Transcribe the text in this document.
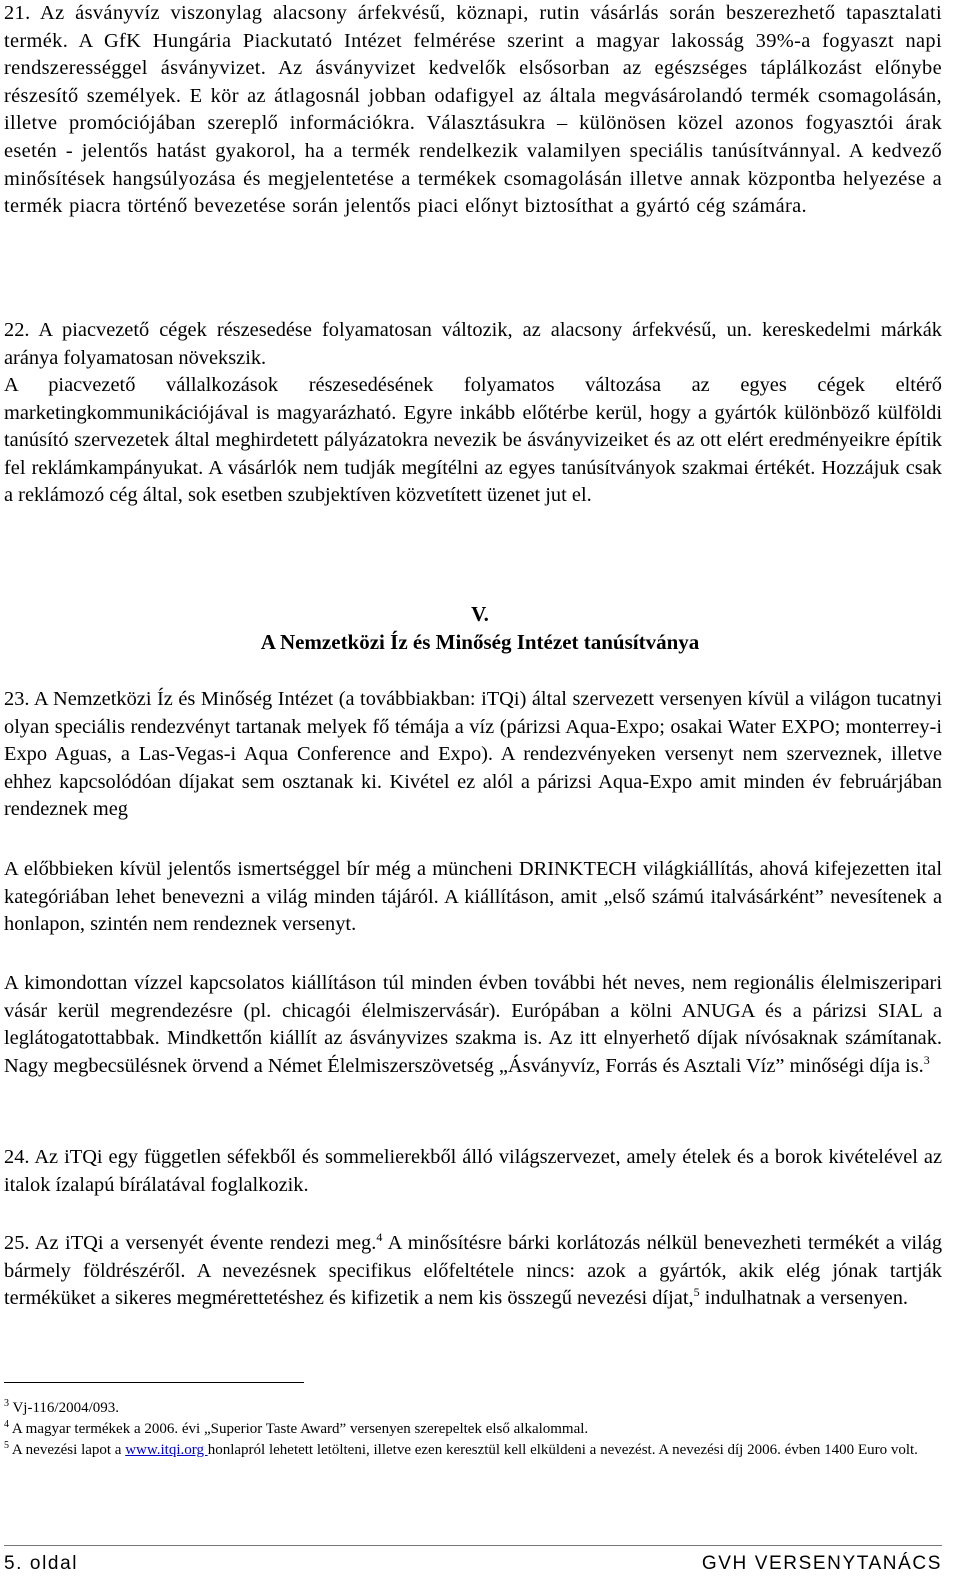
21. Az ásványvíz viszonylag alacsony árfekvésű, köznapi, rutin vásárlás során beszerezhető tapasztalati termék. A GfK Hungária Piackutató Intézet felmérése szerint a magyar lakosság 39%-a fogyaszt napi rendszerességgel ásványvizet. Az ásványvizet kedvelők elsősorban az egészséges táplálkozást előnybe részesítő személyek. E kör az átlagosnál jobban odafigyel az általa megvásárolandó termék csomagolásán, illetve promóciójában szereplő információkra. Választásukra – különösen közel azonos fogyasztói árak esetén - jelentős hatást gyakorol, ha a termék rendelkezik valamilyen speciális tanúsítvánnyal. A kedvező minősítések hangsúlyozása és megjelentetése a termékek csomagolásán illetve annak központba helyezése a termék piacra történő bevezetése során jelentős piaci előnyt biztosíthat a gyártó cég számára.

22. A piacvezető cégek részesedése folyamatosan változik, az alacsony árfekvésű, un. kereskedelmi márkák aránya folyamatosan növekszik.

A piacvezető vállalkozások részesedésének folyamatos változása az egyes cégek eltérő marketingkommunikációjával is magyarázható. Egyre inkább előtérbe kerül, hogy a gyártók különböző külföldi tanúsító szervezetek által meghirdetett pályázatokra nevezik be ásványvizeiket és az ott elért eredményeikre építik fel reklámkampányukat. A vásárlók nem tudják megítélni az egyes tanúsítványok szakmai értékét. Hozzájuk csak a reklámozó cég által, sok esetben szubjektíven közvetített üzenet jut el.

V.

A Nemzetközi Íz és Minőség Intézet tanúsítványa

23. A Nemzetközi Íz és Minőség Intézet (a továbbiakban: iTQi) által szervezett versenyen kívül a világon tucatnyi olyan speciális rendezvényt tartanak melyek fő témája a víz (párizsi Aqua-Expo; osakai Water EXPO; monterrey-i Expo Aguas, a Las-Vegas-i Aqua Conference and Expo). A rendezvényeken versenyt nem szerveznek, illetve ehhez kapcsolódóan díjakat sem osztanak ki. Kivétel ez alól a párizsi Aqua-Expo amit minden év februárjában rendeznek meg

A előbbieken kívül jelentős ismertséggel bír még a müncheni DRINKTECH világkiállítás, ahová kifejezetten ital kategóriában lehet benevezni a világ minden tájáról. A kiállításon, amit „első számú italvásárként” nevesítenek a honlapon, szintén nem rendeznek versenyt.

A kimondottan vízzel kapcsolatos kiállításon túl minden évben további hét neves, nem regionális élelmiszeripari vásár kerül megrendezésre (pl. chicagói élelmiszervásár). Európában a kölni ANUGA és a párizsi SIAL a leglátogatottabbak. Mindkettőn kiállít az ásványvizes szakma is. Az itt elnyerhető díjak nívósaknak számítanak. Nagy megbecsülésnek örvend a Német Élelmiszerszövetség „Ásványvíz, Forrás és Asztali Víz” minőségi díja is.$^3$

24. Az iTQi egy független séfekből és sommelierekből álló világszervezet, amely ételek és a borok kivételével az italok ízalapú bírálatával foglalkozik.

25. Az iTQi a versenyét évente rendezi meg.$^4$ A minősítésre bárki korlátozás nélkül benevezheti termékét a világ bármely földrészéről. A nevezésnek specifikus előfeltétele nincs: azok a gyártók, akik elég jónak tartják terméküket a sikeres megmérettetéshez és kifizetik a nem kis összegű nevezési díjat,$^5$ indulhatnak a versenyen.

$^3$ Vj-116/2004/093.

$^4$ A magyar termékek a 2006. évi „Superior Taste Award” versenyen szerepeltek első alkalommal.

$^5$ A nevezési lapot a www.itqi.org honlapról lehetett letölteni, illetve ezen keresztül kell elküldeni a nevezést. A nevezési díj 2006. évben 1400 Euro volt.

5. oldal	GVH VERSENYTANÁCS
